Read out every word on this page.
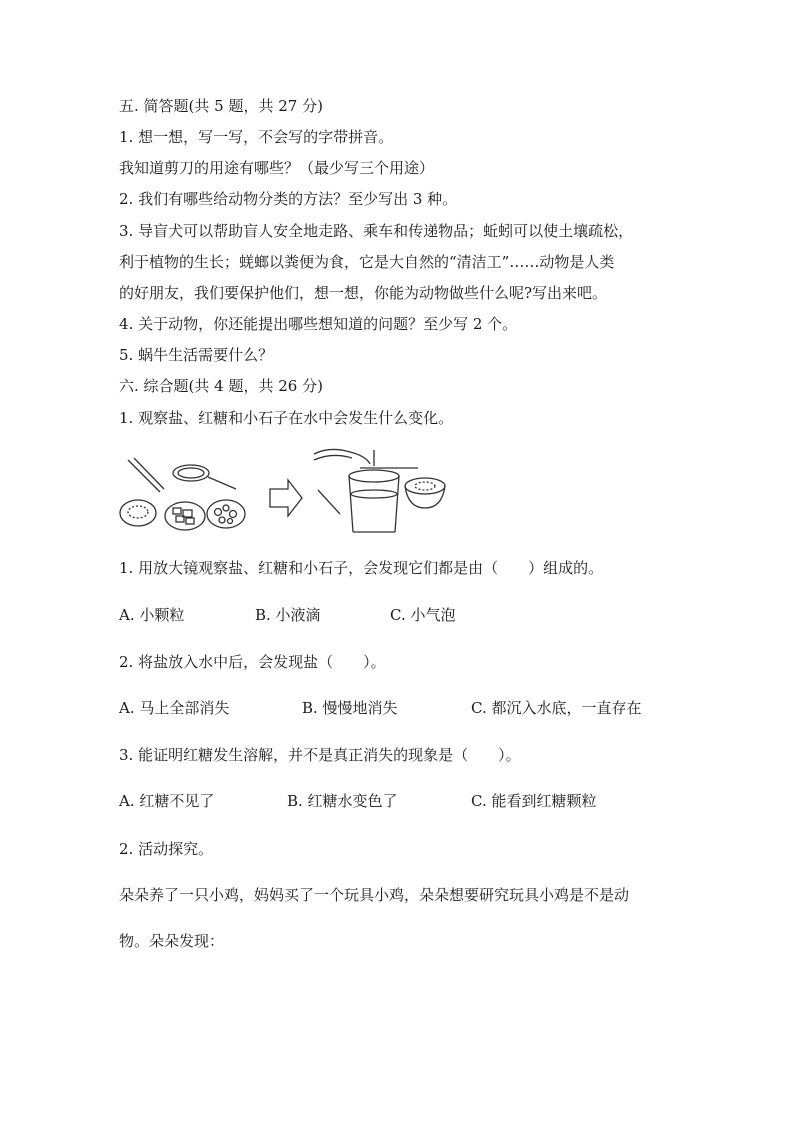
五. 简答题(共 5 题，共 27 分)
1. 想一想，写一写，不会写的字带拼音。
我知道剪刀的用途有哪些？（最少写三个用途）
2. 我们有哪些给动物分类的方法？至少写出 3 种。
3. 导盲犬可以帮助盲人安全地走路、乘车和传递物品；蚯蚓可以使土壤疏松，
利于植物的生长；蜣螂以粪便为食，它是大自然的“清洁工”……动物是人类
的好朋友，我们要保护他们，想一想，你能为动物做些什么呢?写出来吧。
4. 关于动物，你还能提出哪些想知道的问题？至少写 2 个。
5. 蜗牛生活需要什么？
六. 综合题(共 4 题，共 26 分)
1. 观察盐、红糖和小石子在水中会发生什么变化。
1. 用放大镜观察盐、红糖和小石子，会发现它们都是由（　　）组成的。
A. 小颗粒	B. 小液滴	C. 小气泡
2. 将盐放入水中后，会发现盐（　　）。
A. 马上全部消失	B. 慢慢地消失	C. 都沉入水底，一直存在
3. 能证明红糖发生溶解，并不是真正消失的现象是（　　）。
A. 红糖不见了	B. 红糖水变色了	C. 能看到红糖颗粒
2. 活动探究。
朵朵养了一只小鸡，妈妈买了一个玩具小鸡，朵朵想要研究玩具小鸡是不是动
物。朵朵发现：
